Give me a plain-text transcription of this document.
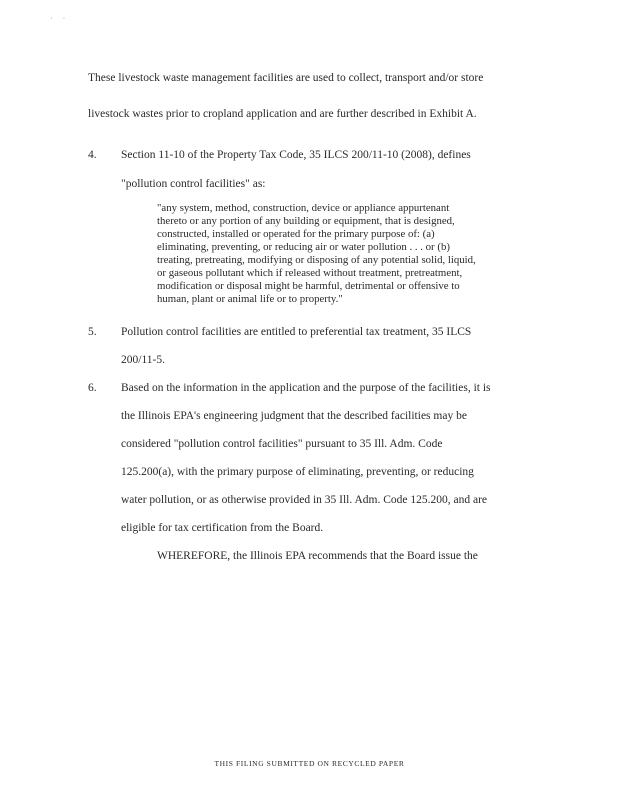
· ·
These livestock waste management facilities are used to collect, transport and/or store
livestock wastes prior to cropland application and are further described in Exhibit A.
4. Section 11-10 of the Property Tax Code, 35 ILCS 200/11-10 (2008), defines
"pollution control facilities" as:
"any system, method, construction, device or appliance appurtenant
thereto or any portion of any building or equipment, that is designed,
constructed, installed or operated for the primary purpose of: (a)
eliminating, preventing, or reducing air or water pollution . . . or (b)
treating, pretreating, modifying or disposing of any potential solid, liquid,
or gaseous pollutant which if released without treatment, pretreatment,
modification or disposal might be harmful, detrimental or offensive to
human, plant or animal life or to property."
5. Pollution control facilities are entitled to preferential tax treatment, 35 ILCS
200/11-5.
6. Based on the information in the application and the purpose of the facilities, it is
the Illinois EPA's engineering judgment that the described facilities may be
considered "pollution control facilities" pursuant to 35 Ill. Adm. Code
125.200(a), with the primary purpose of eliminating, preventing, or reducing
water pollution, or as otherwise provided in 35 Ill. Adm. Code 125.200, and are
eligible for tax certification from the Board.
WHEREFORE, the Illinois EPA recommends that the Board issue the
THIS FILING SUBMITTED ON RECYCLED PAPER
